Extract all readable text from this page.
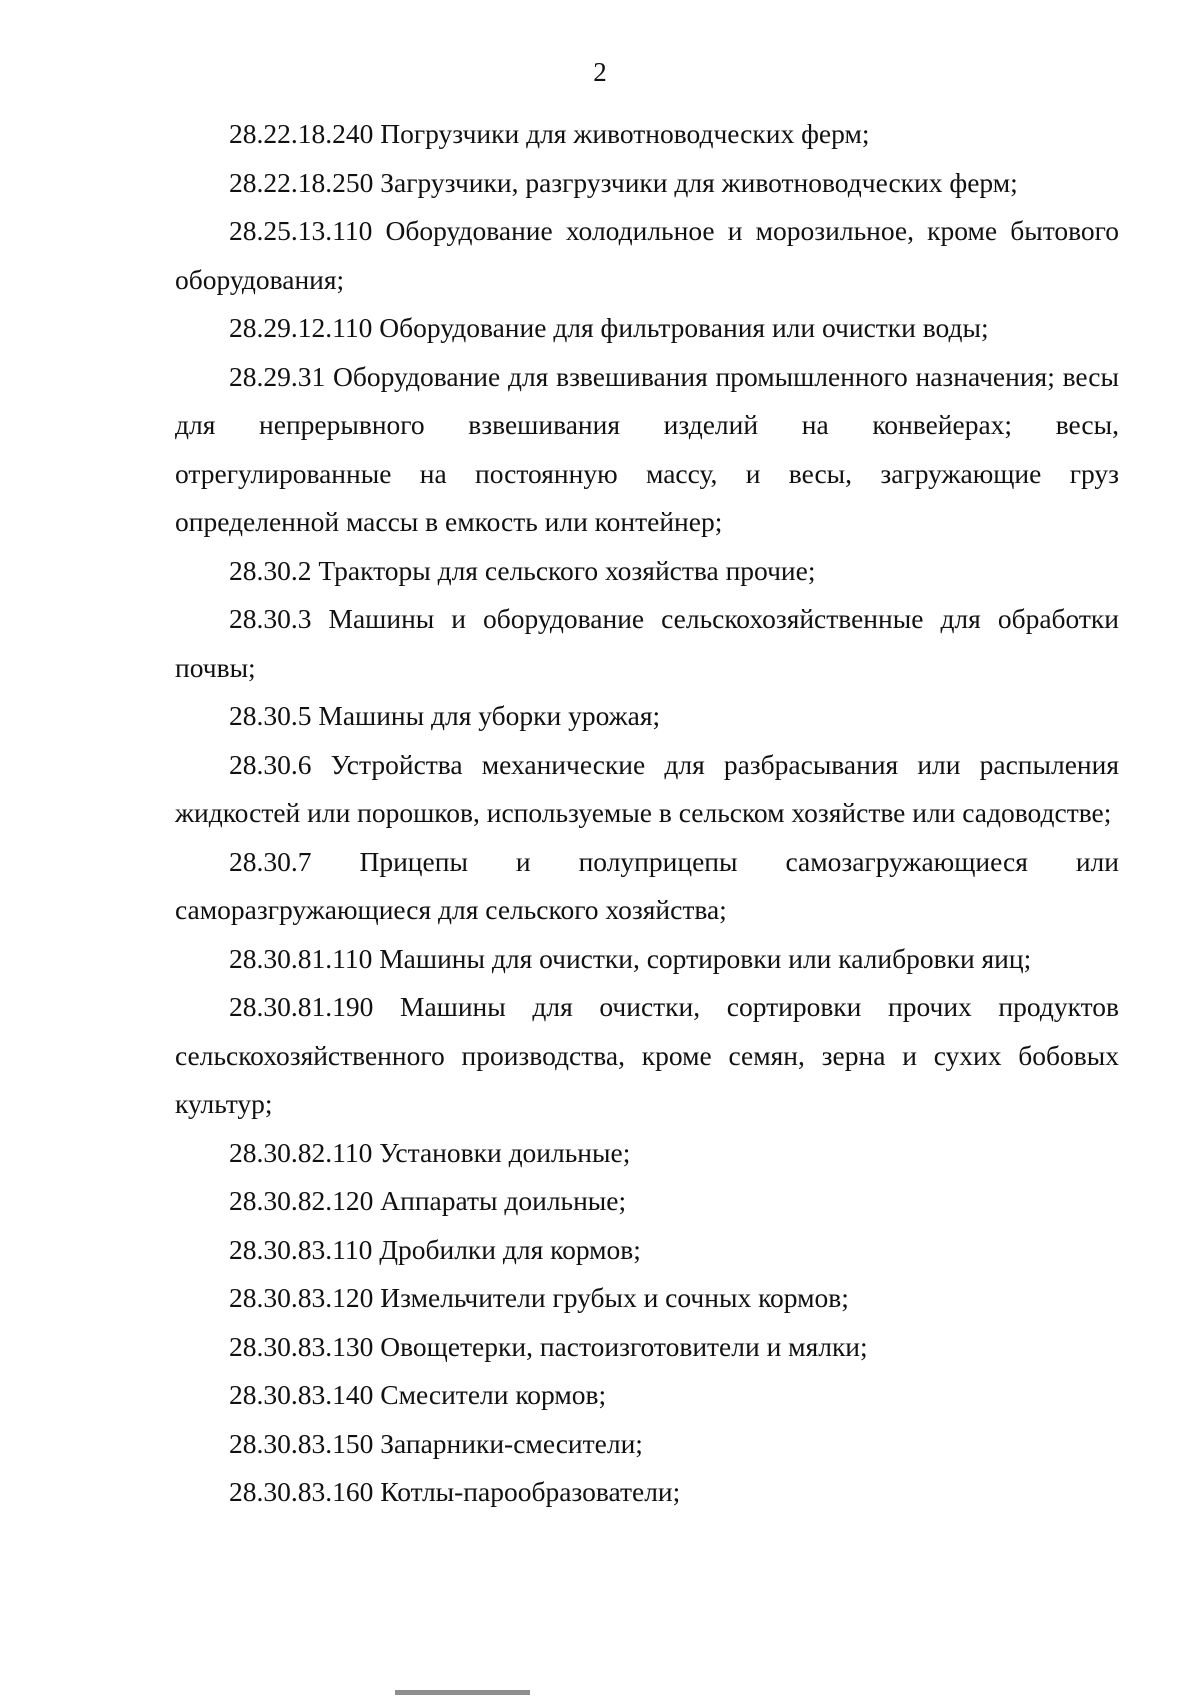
2

28.22.18.240 Погрузчики для животноводческих ферм;

28.22.18.250 Загрузчики, разгрузчики для животноводческих ферм;

28.25.13.110 Оборудование холодильное и морозильное, кроме бытового оборудования;

28.29.12.110 Оборудование для фильтрования или очистки воды;

28.29.31 Оборудование для взвешивания промышленного назначения; весы для непрерывного взвешивания изделий на конвейерах; весы, отрегулированные на постоянную массу, и весы, загружающие груз определенной массы в емкость или контейнер;

28.30.2 Тракторы для сельского хозяйства прочие;

28.30.3 Машины и оборудование сельскохозяйственные для обработки почвы;

28.30.5 Машины для уборки урожая;

28.30.6 Устройства механические для разбрасывания или распыления жидкостей или порошков, используемые в сельском хозяйстве или садоводстве;

28.30.7 Прицепы и полуприцепы самозагружающиеся или саморазгружающиеся для сельского хозяйства;

28.30.81.110 Машины для очистки, сортировки или калибровки яиц;

28.30.81.190 Машины для очистки, сортировки прочих продуктов сельскохозяйственного производства, кроме семян, зерна и сухих бобовых культур;

28.30.82.110 Установки доильные;

28.30.82.120 Аппараты доильные;

28.30.83.110 Дробилки для кормов;

28.30.83.120 Измельчители грубых и сочных кормов;

28.30.83.130 Овощетерки, пастоизготовители и мялки;

28.30.83.140 Смесители кормов;

28.30.83.150 Запарники-смесители;

28.30.83.160 Котлы-парообразователи;
